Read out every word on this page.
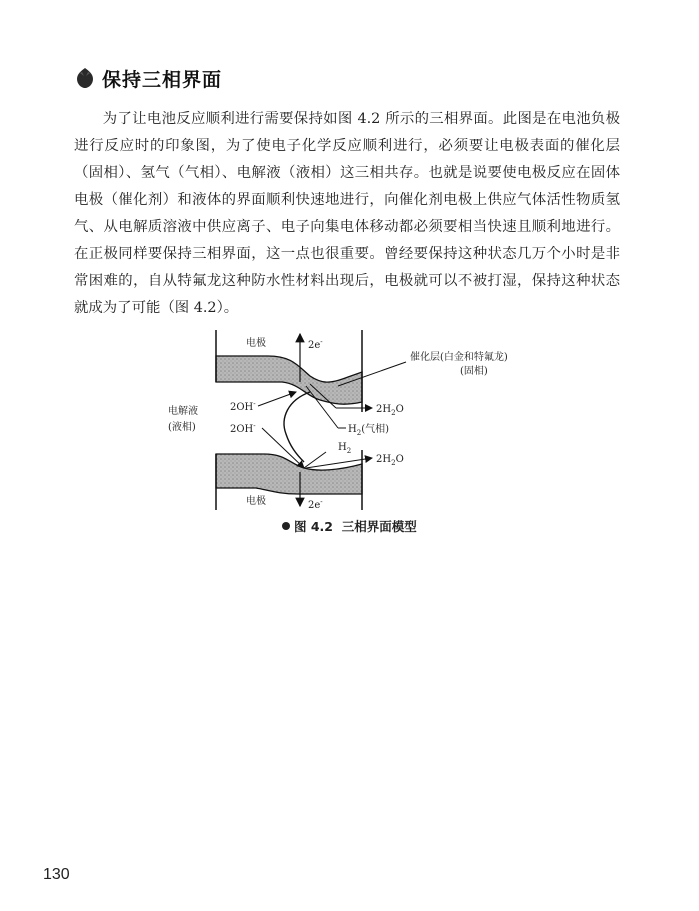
保持三相界面

为了让电池反应顺利进行需要保持如图 4.2 所示的三相界面。此图是在电池负极进行反应时的印象图，为了使电子化学反应顺利进行，必须要让电极表面的催化层（固相）、氢气（气相）、电解液（液相）这三相共存。也就是说要使电极反应在固体电极（催化剂）和液体的界面顺利快速地进行，向催化剂电极上供应气体活性物质氢气、从电解质溶液中供应离子、电子向集电体移动都必须要相当快速且顺利地进行。在正极同样要保持三相界面，这一点也很重要。曾经要保持这种状态几万个小时是非常困难的，自从特氟龙这种防水性材料出现后，电极就可以不被打湿，保持这种状态就成为了可能（图 4.2）。

电极	2e-
催化层(白金和特氟龙)
(固相)
电解液
(液相)
2OH-
2OH-
$2H_2O$
$H_2$(气相)
$H_2$
$2H_2O$
电极	2e-
图 4.2 三相界面模型
130
